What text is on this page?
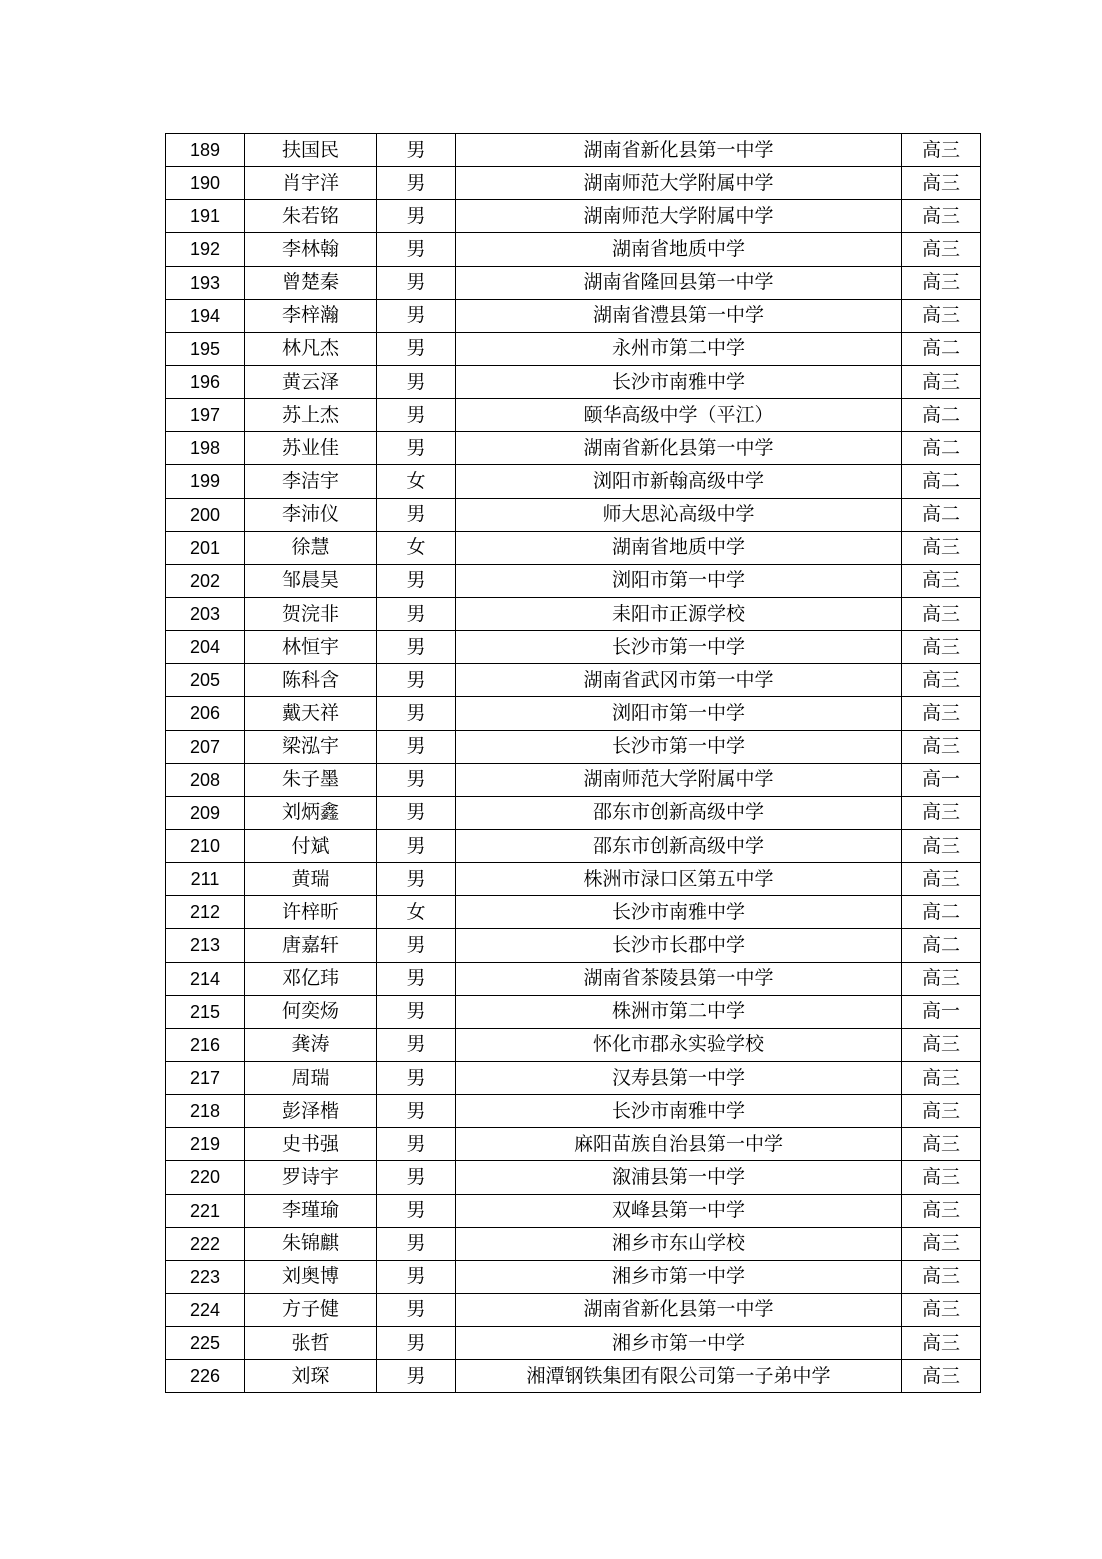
189	扶国民	男	湖南省新化县第一中学	高三
190	肖宇洋	男	湖南师范大学附属中学	高三
191	朱若铭	男	湖南师范大学附属中学	高三
192	李林翰	男	湖南省地质中学	高三
193	曾楚秦	男	湖南省隆回县第一中学	高三
194	李梓瀚	男	湖南省澧县第一中学	高三
195	林凡杰	男	永州市第二中学	高二
196	黄云泽	男	长沙市南雅中学	高三
197	苏上杰	男	颐华高级中学（平江）	高二
198	苏业佳	男	湖南省新化县第一中学	高二
199	李洁宇	女	浏阳市新翰高级中学	高二
200	李沛仪	男	师大思沁高级中学	高二
201	徐慧	女	湖南省地质中学	高三
202	邹晨昊	男	浏阳市第一中学	高三
203	贺浣非	男	耒阳市正源学校	高三
204	林恒宇	男	长沙市第一中学	高三
205	陈科含	男	湖南省武冈市第一中学	高三
206	戴天祥	男	浏阳市第一中学	高三
207	梁泓宇	男	长沙市第一中学	高三
208	朱子墨	男	湖南师范大学附属中学	高一
209	刘炳鑫	男	邵东市创新高级中学	高三
210	付斌	男	邵东市创新高级中学	高三
211	黄瑞	男	株洲市渌口区第五中学	高三
212	许梓昕	女	长沙市南雅中学	高二
213	唐嘉轩	男	长沙市长郡中学	高二
214	邓亿玮	男	湖南省茶陵县第一中学	高三
215	何奕炀	男	株洲市第二中学	高一
216	龚涛	男	怀化市郡永实验学校	高三
217	周瑞	男	汉寿县第一中学	高三
218	彭泽楷	男	长沙市南雅中学	高三
219	史书强	男	麻阳苗族自治县第一中学	高三
220	罗诗宇	男	溆浦县第一中学	高三
221	李瑾瑜	男	双峰县第一中学	高三
222	朱锦麒	男	湘乡市东山学校	高三
223	刘奥博	男	湘乡市第一中学	高三
224	方子健	男	湖南省新化县第一中学	高三
225	张哲	男	湘乡市第一中学	高三
226	刘琛	男	湘潭钢铁集团有限公司第一子弟中学	高三
